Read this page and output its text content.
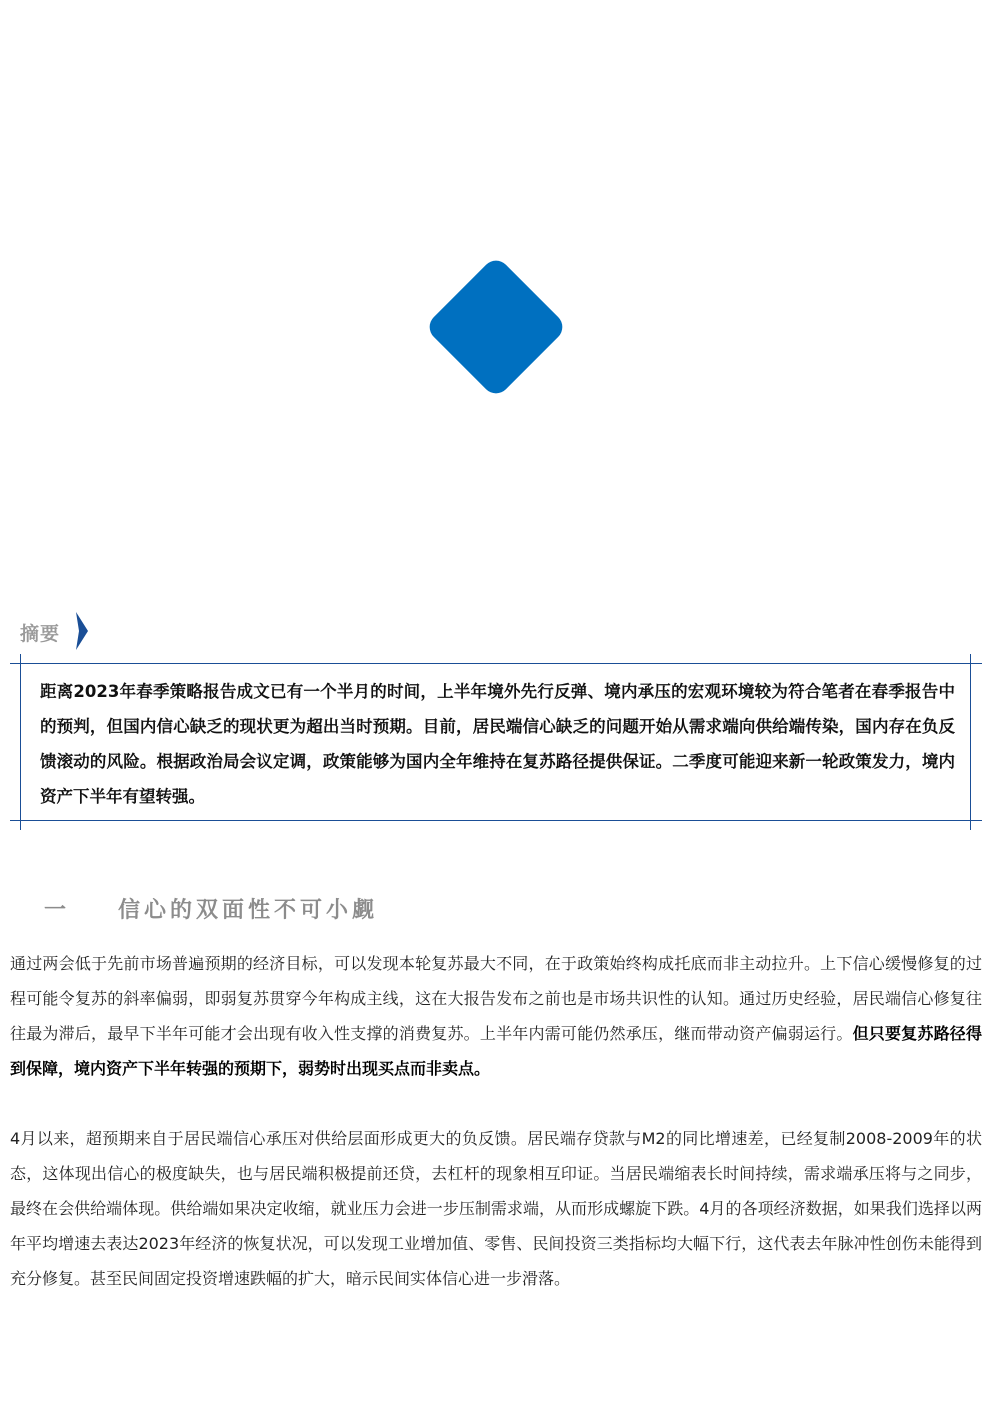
摘要
距离2023年春季策略报告成文已有一个半月的时间，上半年境外先行反弹、境内承压的宏观环境较为符合笔者在春季报告中的预判，但国内信心缺乏的现状更为超出当时预期。目前，居民端信心缺乏的问题开始从需求端向供给端传染，国内存在负反馈滚动的风险。根据政治局会议定调，政策能够为国内全年维持在复苏路径提供保证。二季度可能迎来新一轮政策发力，境内资产下半年有望转强。
一	信心的双面性不可小觑

通过两会低于先前市场普遍预期的经济目标，可以发现本轮复苏最大不同，在于政策始终构成托底而非主动拉升。上下信心缓慢修复的过程可能令复苏的斜率偏弱，即弱复苏贯穿今年构成主线，这在大报告发布之前也是市场共识性的认知。通过历史经验，居民端信心修复往往最为滞后，最早下半年可能才会出现有收入性支撑的消费复苏。上半年内需可能仍然承压，继而带动资产偏弱运行。但只要复苏路径得到保障，境内资产下半年转强的预期下，弱势时出现买点而非卖点。

4月以来，超预期来自于居民端信心承压对供给层面形成更大的负反馈。居民端存贷款与M2的同比增速差，已经复制2008-2009年的状态，这体现出信心的极度缺失，也与居民端积极提前还贷，去杠杆的现象相互印证。当居民端缩表长时间持续，需求端承压将与之同步，最终在会供给端体现。供给端如果决定收缩，就业压力会进一步压制需求端，从而形成螺旋下跌。4月的各项经济数据，如果我们选择以两年平均增速去表达2023年经济的恢复状况，可以发现工业增加值、零售、民间投资三类指标均大幅下行，这代表去年脉冲性创伤未能得到充分修复。甚至民间固定投资增速跌幅的扩大，暗示民间实体信心进一步滑落。
